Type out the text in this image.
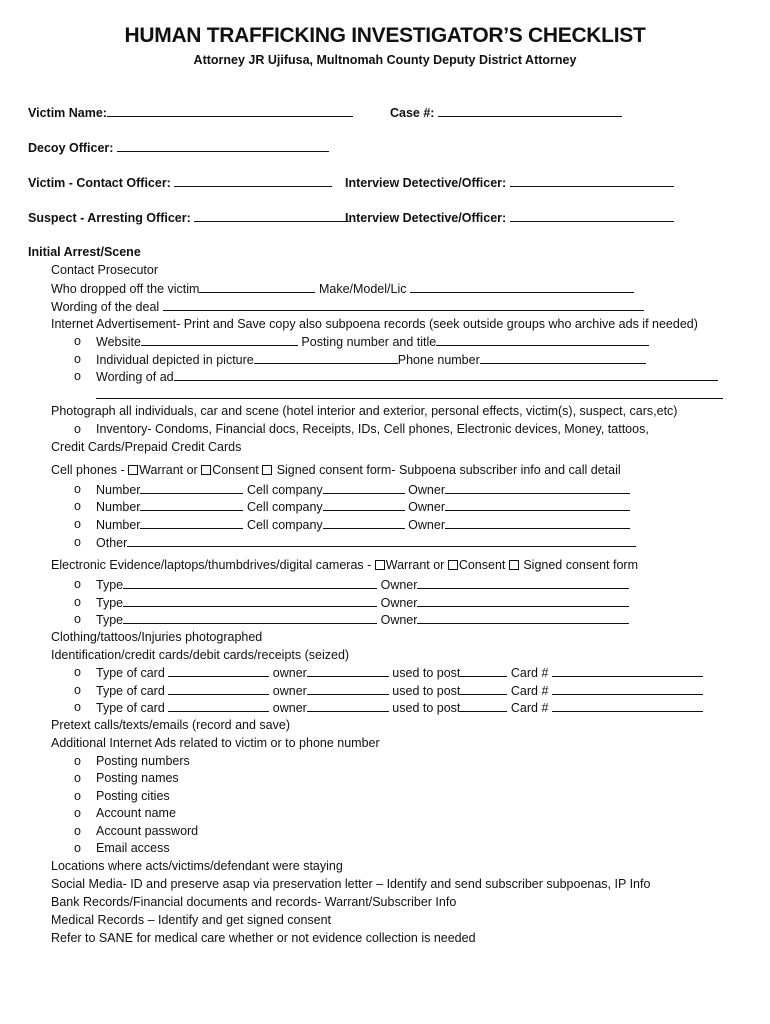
HUMAN TRAFFICKING INVESTIGATOR’S CHECKLIST
Attorney JR Ujifusa, Multnomah County Deputy District Attorney
Victim Name:	Case #:
Decoy Officer:
Victim - Contact Officer:	Interview Detective/Officer:
Suspect - Arresting Officer:	Interview Detective/Officer:
Initial Arrest/Scene
Contact Prosecutor
Who dropped off the victim	Make/Model/Lic
Wording of the deal
Internet Advertisement- Print and Save copy also subpoena records (seek outside groups who archive ads if needed)
o Website	Posting number and title
o Individual depicted in picture	Phone number
o Wording of ad
Photograph all individuals, car and scene (hotel interior and exterior, personal effects, victim(s), suspect, cars,etc)
o Inventory- Condoms, Financial docs, Receipts, IDs, Cell phones, Electronic devices, Money, tattoos,
Credit Cards/Prepaid Credit Cards
Cell phones - Warrant or Consent  Signed consent form- Subpoena subscriber info and call detail
o Number	Cell company	Owner
o Number	Cell company	Owner
o Number	Cell company	Owner
o Other
Electronic Evidence/laptops/thumbdrives/digital cameras - Warrant or Consent  Signed consent form
o Type	Owner
o Type	Owner
o Type	Owner
Clothing/tattoos/Injuries photographed
Identification/credit cards/debit cards/receipts (seized)
o Type of card	owner	used to post	Card #
o Type of card	owner	used to post	Card #
o Type of card	owner	used to post	Card #
Pretext calls/texts/emails (record and save)
Additional Internet Ads related to victim or to phone number
o Posting numbers
o Posting names
o Posting cities
o Account name
o Account password
o Email access
Locations where acts/victims/defendant were staying
Social Media- ID and preserve asap via preservation letter – Identify and send subscriber subpoenas, IP Info
Bank Records/Financial documents and records- Warrant/Subscriber Info
Medical Records – Identify and get signed consent
Refer to SANE for medical care whether or not evidence collection is needed
